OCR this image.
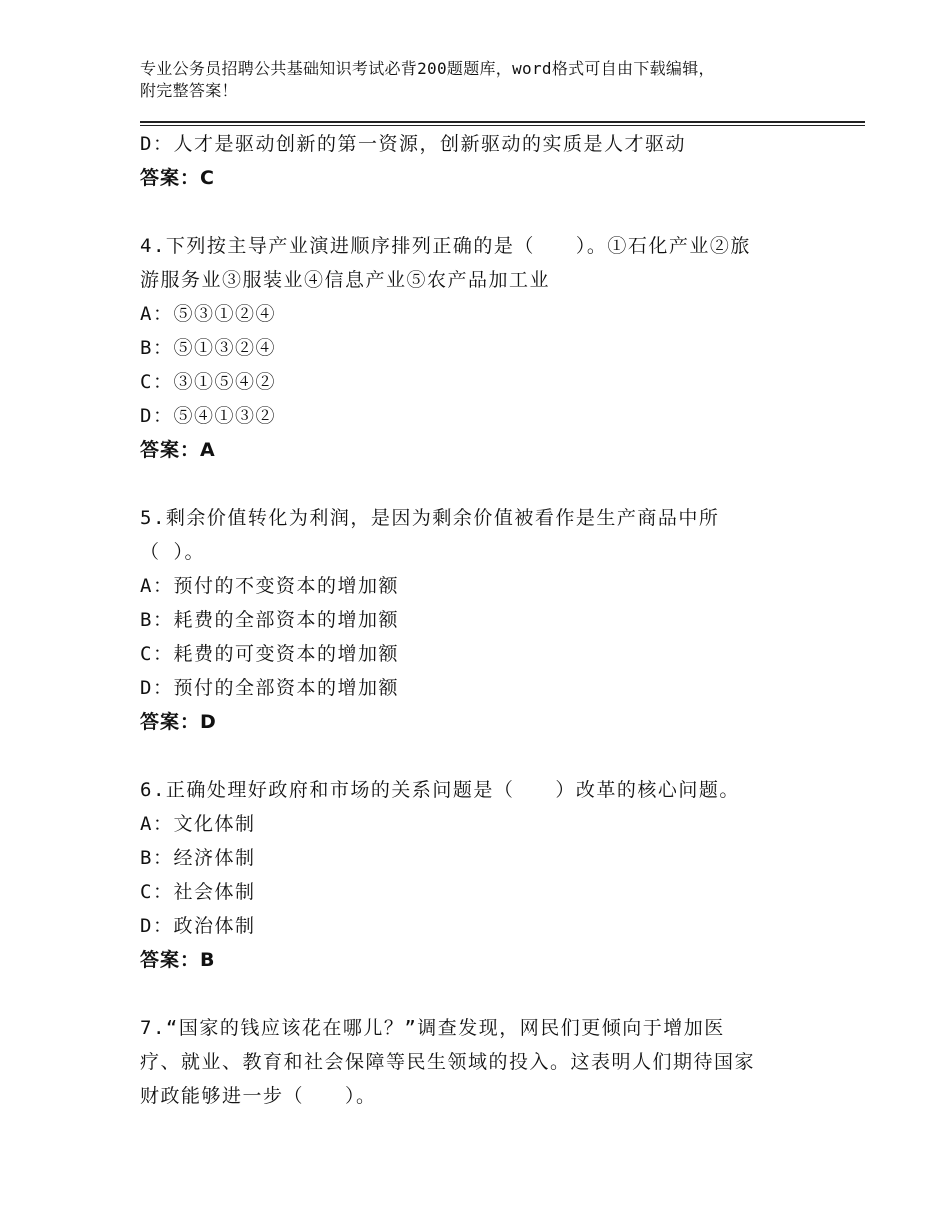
专业公务员招聘公共基础知识考试必背200题题库，word格式可自由下载编辑，
附完整答案！
D：人才是驱动创新的第一资源，创新驱动的实质是人才驱动
答案：C
4.下列按主导产业演进顺序排列正确的是（　　）。①石化产业②旅
游服务业③服装业④信息产业⑤农产品加工业
A：⑤③①②④
B：⑤①③②④
C：③①⑤④②
D：⑤④①③②
答案：A
5.剩余价值转化为利润，是因为剩余价值被看作是生产商品中所
（ ）。
A：预付的不变资本的增加额
B：耗费的全部资本的增加额
C：耗费的可变资本的增加额
D：预付的全部资本的增加额
答案：D
6.正确处理好政府和市场的关系问题是（　　）改革的核心问题。
A：文化体制
B：经济体制
C：社会体制
D：政治体制
答案：B
7.“国家的钱应该花在哪儿？”调查发现，网民们更倾向于增加医
疗、就业、教育和社会保障等民生领域的投入。这表明人们期待国家
财政能够进一步（　　）。
